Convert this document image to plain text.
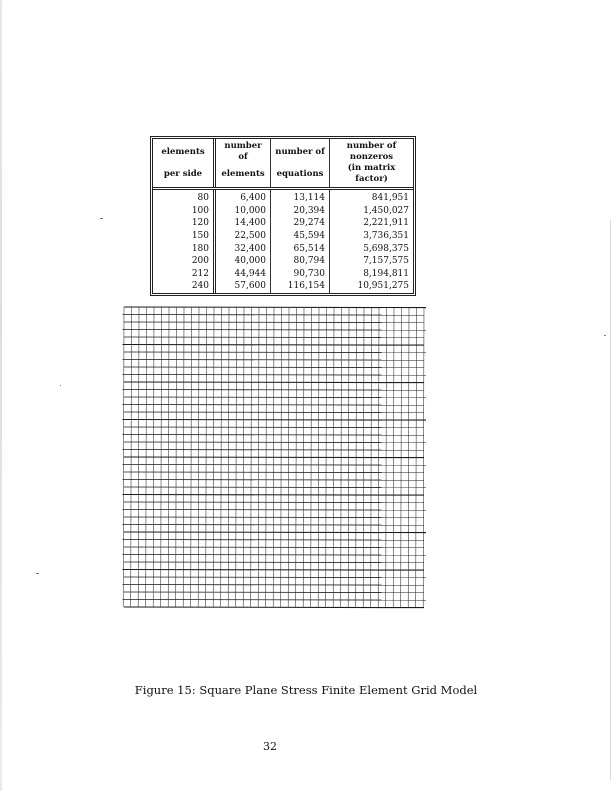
elements	number of	number of	number of nonzeros
per side	elements	equations	(in matrix factor)
80	6,400	13,114	841,951
100	10,000	20,394	1,450,027
120	14,400	29,274	2,221,911
150	22,500	45,594	3,736,351
180	32,400	65,514	5,698,375
200	40,000	80,794	7,157,575
212	44,944	90,730	8,194,811
240	57,600	116,154	10,951,275
Figure 15: Square Plane Stress Finite Element Grid Model
32
